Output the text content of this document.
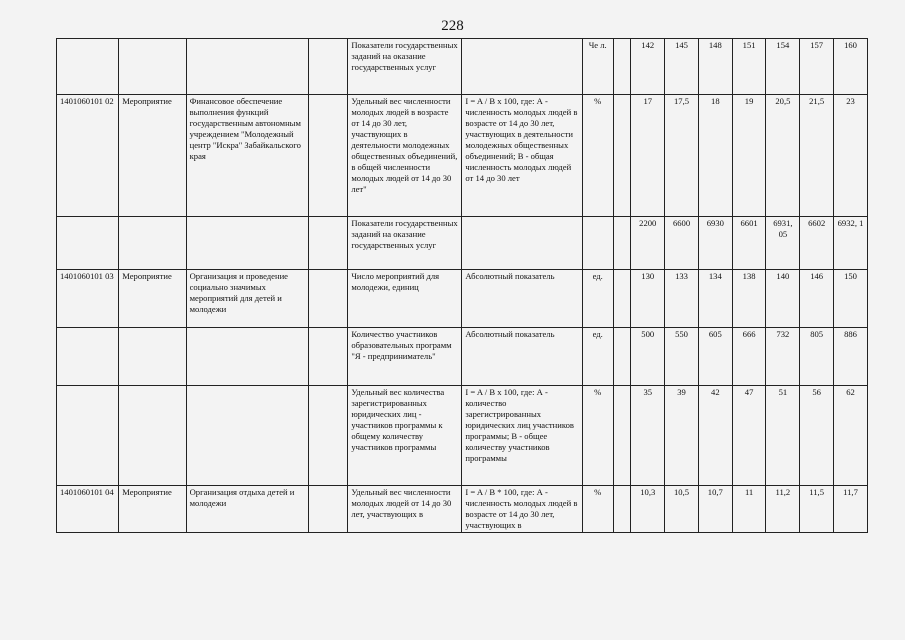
228
				Показатели государственных заданий на оказание государственных услуг		Че л.		142	145	148	151	154	157	160
1401060101 02	Мероприятие	Финансовое обеспечение выполнения функций государственным автономным учреждением "Молодежный центр "Искра" Забайкальского края		Удельный вес численности молодых людей в возрасте от 14 до 30 лет, участвующих в деятельности молодежных общественных объединений, в общей численности молодых людей от 14 до 30 лет"	I = A / B x 100, где: А - численность молодых людей в возрасте от 14 до 30 лет, участвующих в деятельности молодежных общественных объединений; В - общая численность молодых людей от 14 до 30 лет	%		17	17,5	18	19	20,5	21,5	23
				Показатели государственных заданий на оказание государственных услуг				2200	6600	6930	6601	6931, 05	6602	6932, 1
1401060101 03	Мероприятие	Организация и проведение социально значимых мероприятий для детей и молодежи		Число мероприятий для молодежи, единиц	Абсолютный показатель	ед.		130	133	134	138	140	146	150
				Количество участников образовательных программ "Я - предприниматель"	Абсолютный показатель	ед.		500	550	605	666	732	805	886
				Удельный вес количества зарегистрированных юридических лиц - участников программы к общему количеству участников программы	I = A / B x 100, где: А - количество зарегистрированных юридических лиц участников программы; В - общее количеству участников программы	%		35	39	42	47	51	56	62
1401060101 04	Мероприятие	Организация отдыха детей и молодежи		Удельный вес численности молодых людей от 14 до 30 лет, участвующих в	I = A / B * 100, где: А - численность молодых людей в возрасте от 14 до 30 лет, участвующих в	%		10,3	10,5	10,7	11	11,2	11,5	11,7
